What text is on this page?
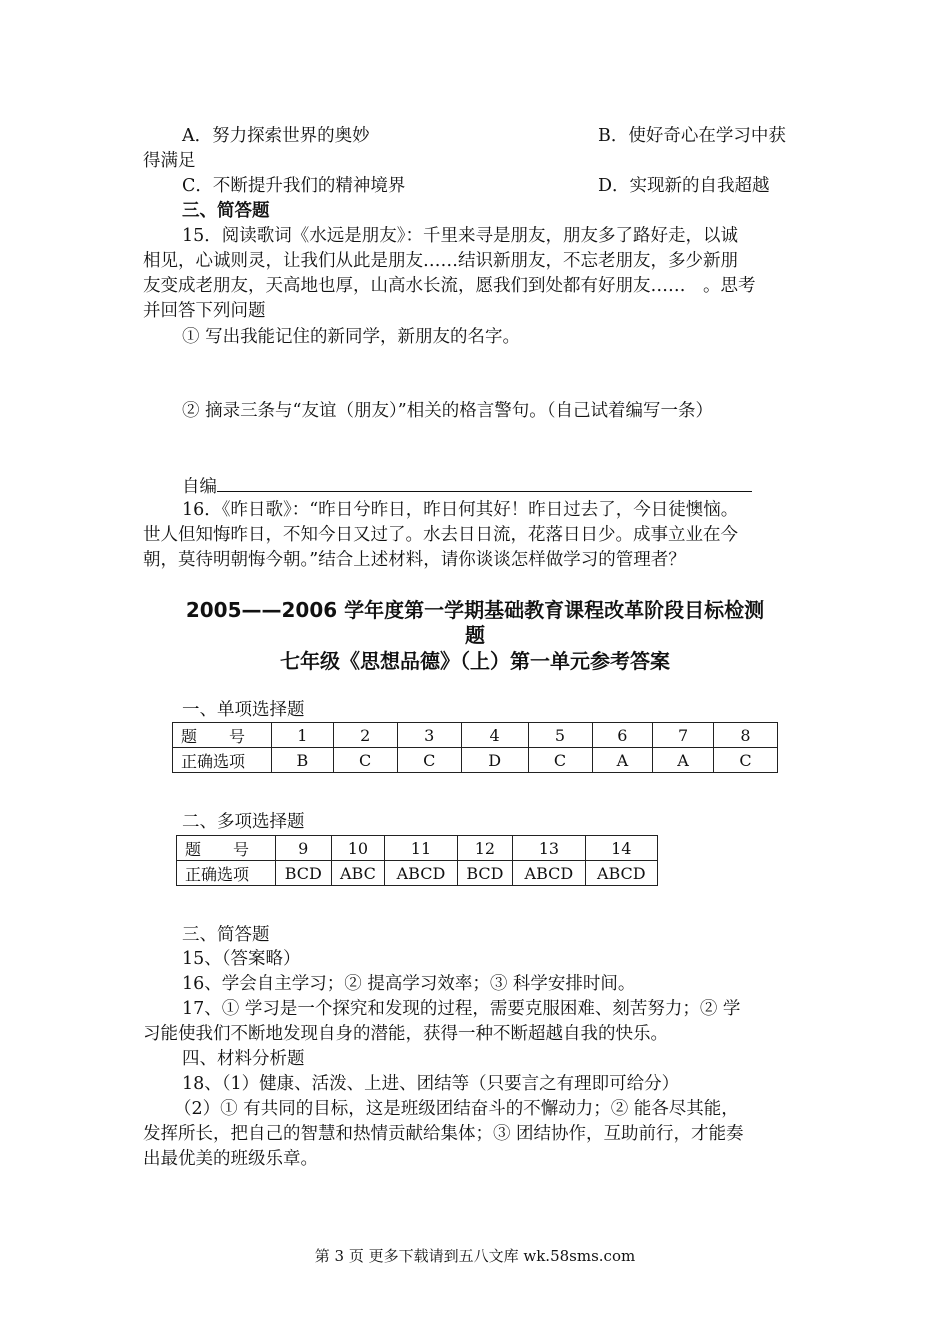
A．努力探索世界的奥妙	B．使好奇心在学习中获
得满足
C．不断提升我们的精神境界	D．实现新的自我超越
三、简答题
15．阅读歌词《水远是朋友》：千里来寻是朋友，朋友多了路好走，以诚
相见，心诚则灵，让我们从此是朋友……结识新朋友，不忘老朋友，多少新朋
友变成老朋友，天高地也厚，山高水长流，愿我们到处都有好朋友……　。思考
并回答下列问题
① 写出我能记住的新同学，新朋友的名字。
② 摘录三条与“友谊（朋友）”相关的格言警句。（自己试着编写一条）
自编
16．《昨日歌》：“昨日兮昨日，昨日何其好！昨日过去了，今日徒懊恼。
世人但知悔昨日，不知今日又过了。水去日日流，花落日日少。成事立业在今
朝，莫待明朝悔今朝。”结合上述材料，请你谈谈怎样做学习的管理者？
2005——2006 学年度第一学期基础教育课程改革阶段目标检测
题
七年级《思想品德》（上）第一单元参考答案
一、单项选择题
题　　号	1	2	3	4	5	6	7	8
正确选项	B	C	C	D	C	A	A	C
二、多项选择题
题　　号	9	10	11	12	13	14
正确选项	BCD	ABC	ABCD	BCD	ABCD	ABCD
三、简答题
15、（答案略）
16、学会自主学习；② 提高学习效率；③ 科学安排时间。
17、① 学习是一个探究和发现的过程，需要克服困难、刻苦努力；② 学
习能使我们不断地发现自身的潜能，获得一种不断超越自我的快乐。
四、材料分析题
18、（1）健康、活泼、上进、团结等（只要言之有理即可给分）
（2）① 有共同的目标，这是班级团结奋斗的不懈动力；② 能各尽其能，
发挥所长，把自己的智慧和热情贡献给集体；③ 团结协作，互助前行，才能奏
出最优美的班级乐章。
第 3 页 更多下载请到五八文库 wk.58sms.com
